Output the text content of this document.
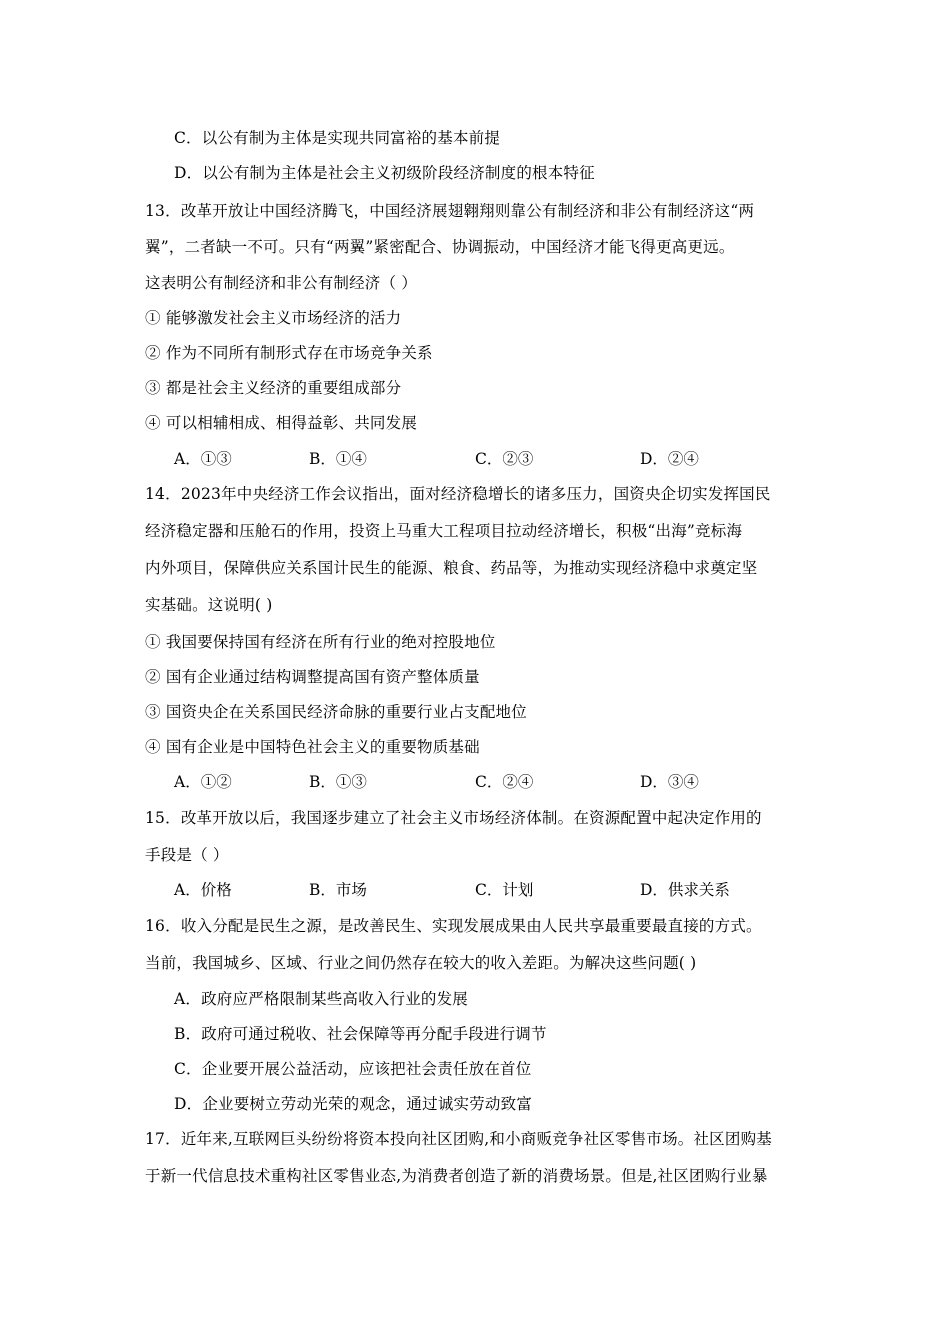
C．以公有制为主体是实现共同富裕的基本前提
D．以公有制为主体是社会主义初级阶段经济制度的根本特征
13．改革开放让中国经济腾飞，中国经济展翅翱翔则靠公有制经济和非公有制经济这“两
翼”，二者缺一不可。只有“两翼”紧密配合、协调振动，中国经济才能飞得更高更远。
这表明公有制经济和非公有制经济（ ）
① 能够激发社会主义市场经济的活力
② 作为不同所有制形式存在市场竞争关系
③ 都是社会主义经济的重要组成部分
④ 可以相辅相成、相得益彰、共同发展
A．①③	B．①④	C．②③	D．②④
14．2023年中央经济工作会议指出，面对经济稳增长的诸多压力，国资央企切实发挥国民
经济稳定器和压舱石的作用，投资上马重大工程项目拉动经济增长，积极“出海”竞标海
内外项目，保障供应关系国计民生的能源、粮食、药品等，为推动实现经济稳中求奠定坚
实基础。这说明( )
① 我国要保持国有经济在所有行业的绝对控股地位
② 国有企业通过结构调整提高国有资产整体质量
③ 国资央企在关系国民经济命脉的重要行业占支配地位
④ 国有企业是中国特色社会主义的重要物质基础
A．①②	B．①③	C．②④	D．③④
15．改革开放以后，我国逐步建立了社会主义市场经济体制。在资源配置中起决定作用的
手段是（ ）
A．价格	B．市场	C．计划	D．供求关系
16．收入分配是民生之源，是改善民生、实现发展成果由人民共享最重要最直接的方式。
当前，我国城乡、区域、行业之间仍然存在较大的收入差距。为解决这些问题( )
A．政府应严格限制某些高收入行业的发展
B．政府可通过税收、社会保障等再分配手段进行调节
C．企业要开展公益活动，应该把社会责任放在首位
D．企业要树立劳动光荣的观念，通过诚实劳动致富
17．近年来,互联网巨头纷纷将资本投向社区团购,和小商贩竞争社区零售市场。社区团购基
于新一代信息技术重构社区零售业态,为消费者创造了新的消费场景。但是,社区团购行业暴
